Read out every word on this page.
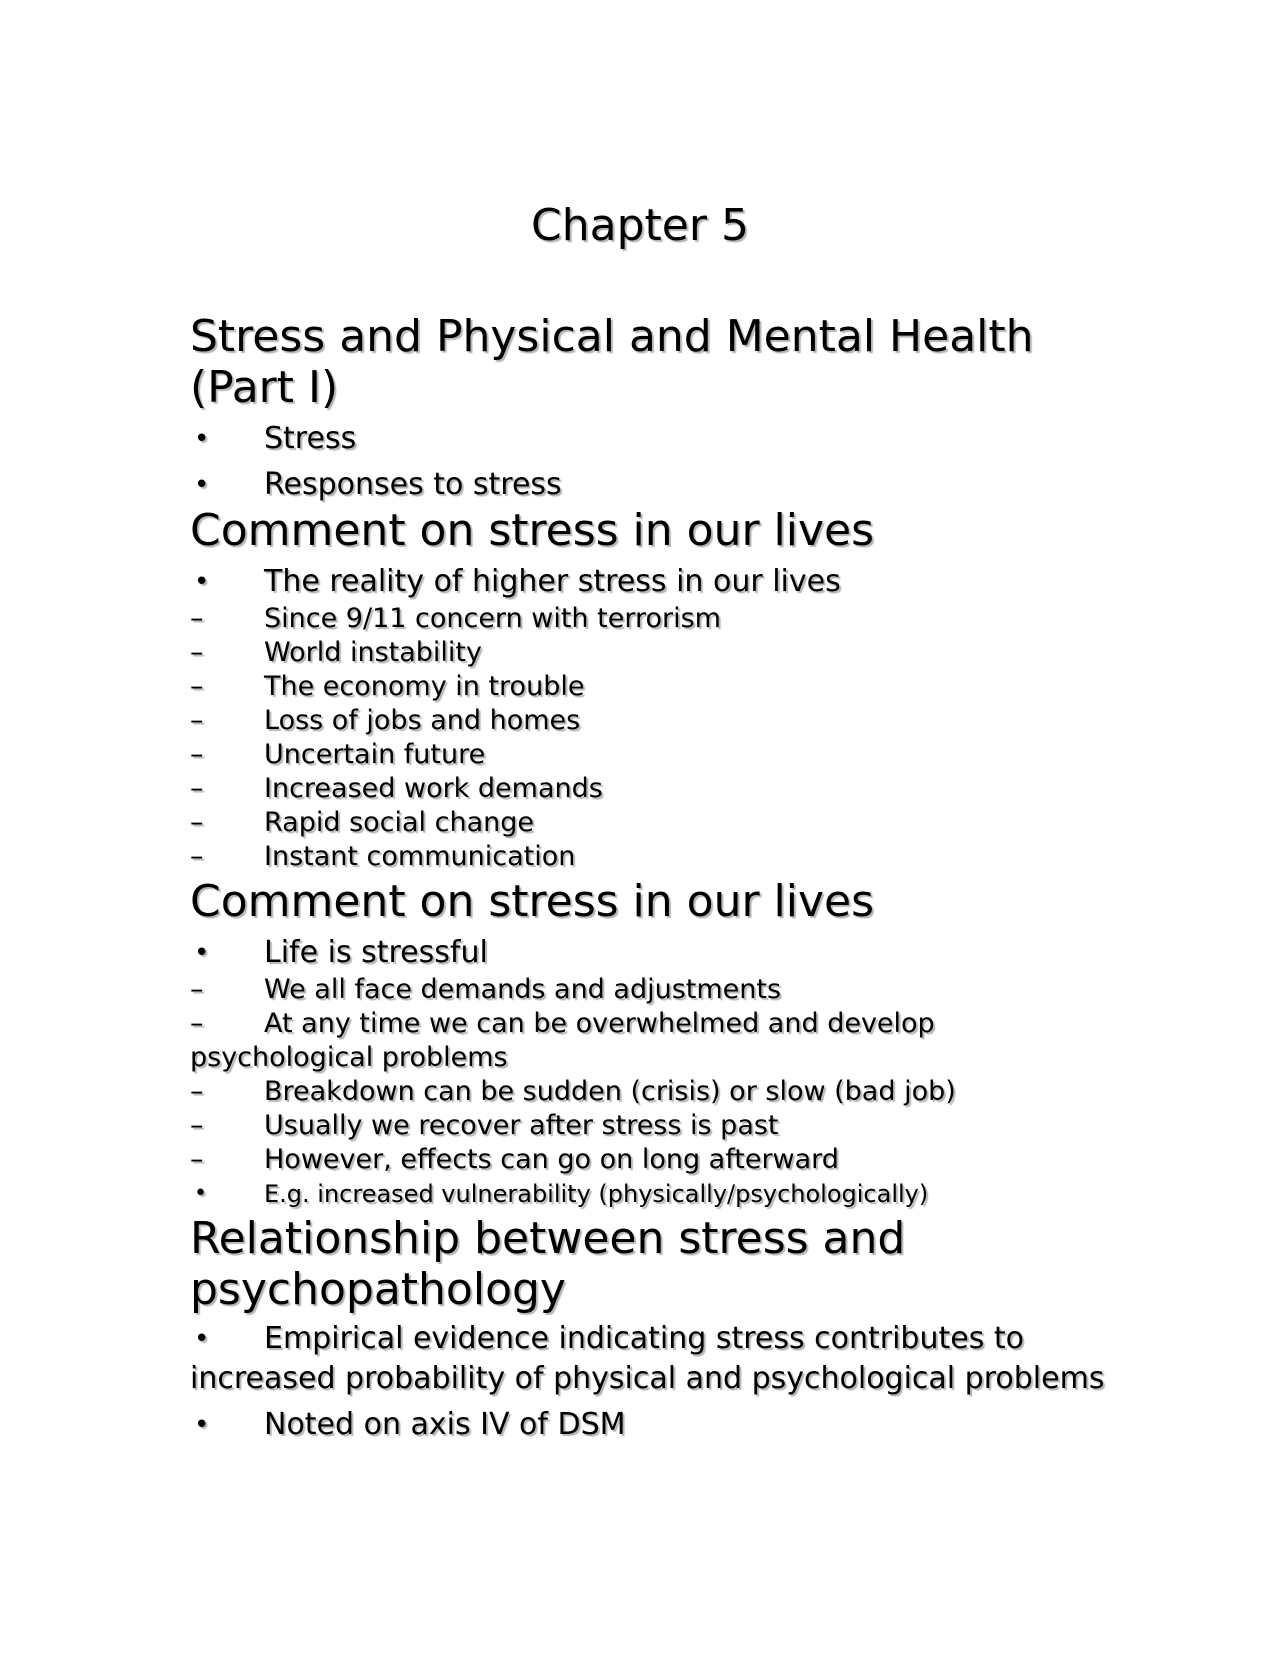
Chapter 5
Stress and Physical and Mental Health
(Part I)
• Stress
• Responses to stress
Comment on stress in our lives
• The reality of higher stress in our lives
– Since 9/11 concern with terrorism
– World instability
– The economy in trouble
– Loss of jobs and homes
– Uncertain future
– Increased work demands
– Rapid social change
– Instant communication
Comment on stress in our lives
• Life is stressful
– We all face demands and adjustments
– At any time we can be overwhelmed and develop psychological problems
– Breakdown can be sudden (crisis) or slow (bad job)
– Usually we recover after stress is past
– However, effects can go on long afterward
• E.g. increased vulnerability (physically/psychologically)
Relationship between stress and
psychopathology
• Empirical evidence indicating stress contributes to increased probability of physical and psychological problems
• Noted on axis IV of DSM
